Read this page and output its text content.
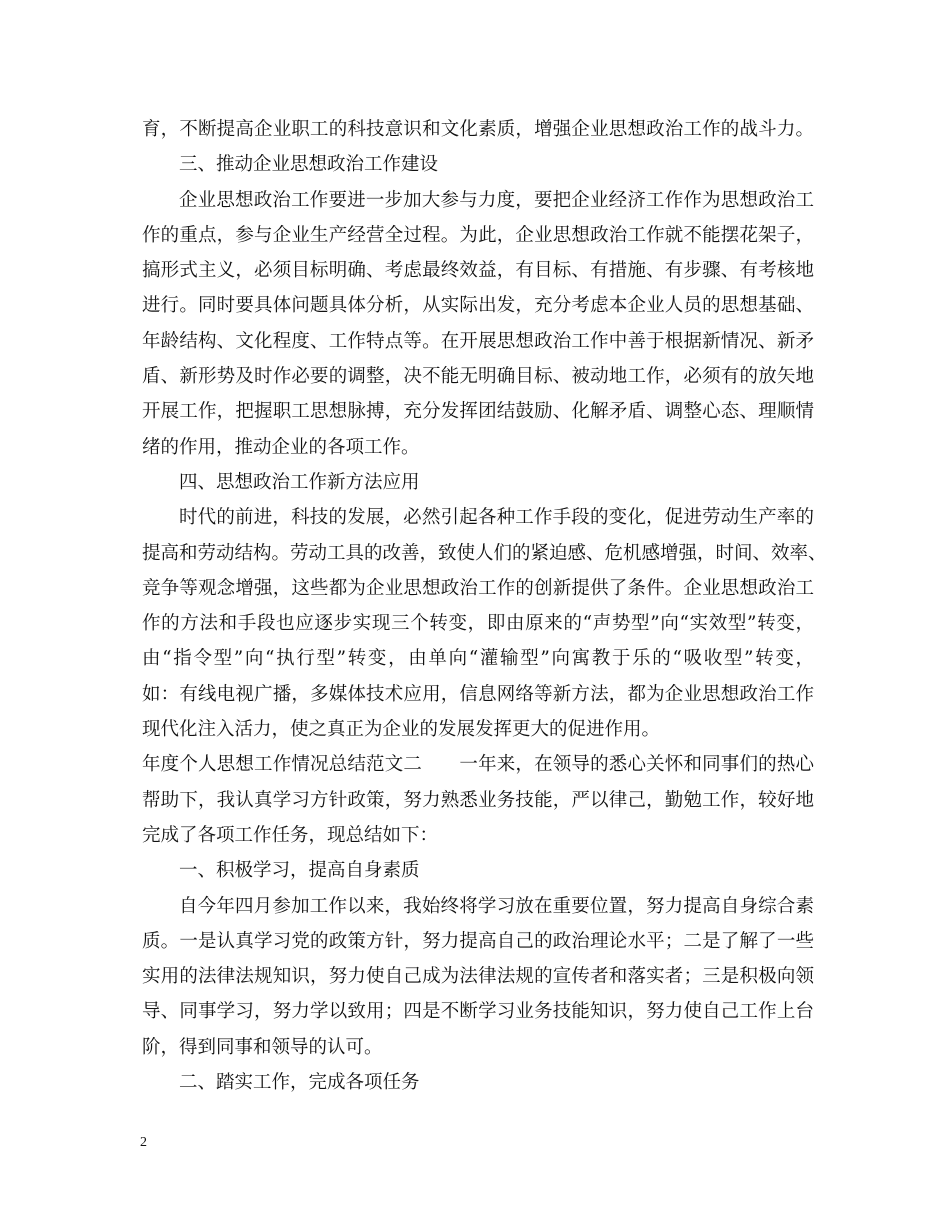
育，不断提高企业职工的科技意识和文化素质，增强企业思想政治工作的战斗力。
三、推动企业思想政治工作建设
企业思想政治工作要进一步加大参与力度，要把企业经济工作作为思想政治工
作的重点，参与企业生产经营全过程。为此，企业思想政治工作就不能摆花架子，
搞形式主义，必须目标明确、考虑最终效益，有目标、有措施、有步骤、有考核地
进行。同时要具体问题具体分析，从实际出发，充分考虑本企业人员的思想基础、
年龄结构、文化程度、工作特点等。在开展思想政治工作中善于根据新情况、新矛
盾、新形势及时作必要的调整，决不能无明确目标、被动地工作，必须有的放矢地
开展工作，把握职工思想脉搏，充分发挥团结鼓励、化解矛盾、调整心态、理顺情
绪的作用，推动企业的各项工作。
四、思想政治工作新方法应用
时代的前进，科技的发展，必然引起各种工作手段的变化，促进劳动生产率的
提高和劳动结构。劳动工具的改善，致使人们的紧迫感、危机感增强，时间、效率、
竞争等观念增强，这些都为企业思想政治工作的创新提供了条件。企业思想政治工
作的方法和手段也应逐步实现三个转变，即由原来的“声势型”向“实效型”转变，
由“指令型”向“执行型”转变，由单向“灌输型”向寓教于乐的“吸收型”转变，
如：有线电视广播，多媒体技术应用，信息网络等新方法，都为企业思想政治工作
现代化注入活力，使之真正为企业的发展发挥更大的促进作用。
年度个人思想工作情况总结范文二　　一年来，在领导的悉心关怀和同事们的热心
帮助下，我认真学习方针政策，努力熟悉业务技能，严以律己，勤勉工作，较好地
完成了各项工作任务，现总结如下：
一、积极学习，提高自身素质
自今年四月参加工作以来，我始终将学习放在重要位置，努力提高自身综合素
质。一是认真学习党的政策方针，努力提高自己的政治理论水平；二是了解了一些
实用的法律法规知识，努力使自己成为法律法规的宣传者和落实者；三是积极向领
导、同事学习，努力学以致用；四是不断学习业务技能知识，努力使自己工作上台
阶，得到同事和领导的认可。
二、踏实工作，完成各项任务
2
